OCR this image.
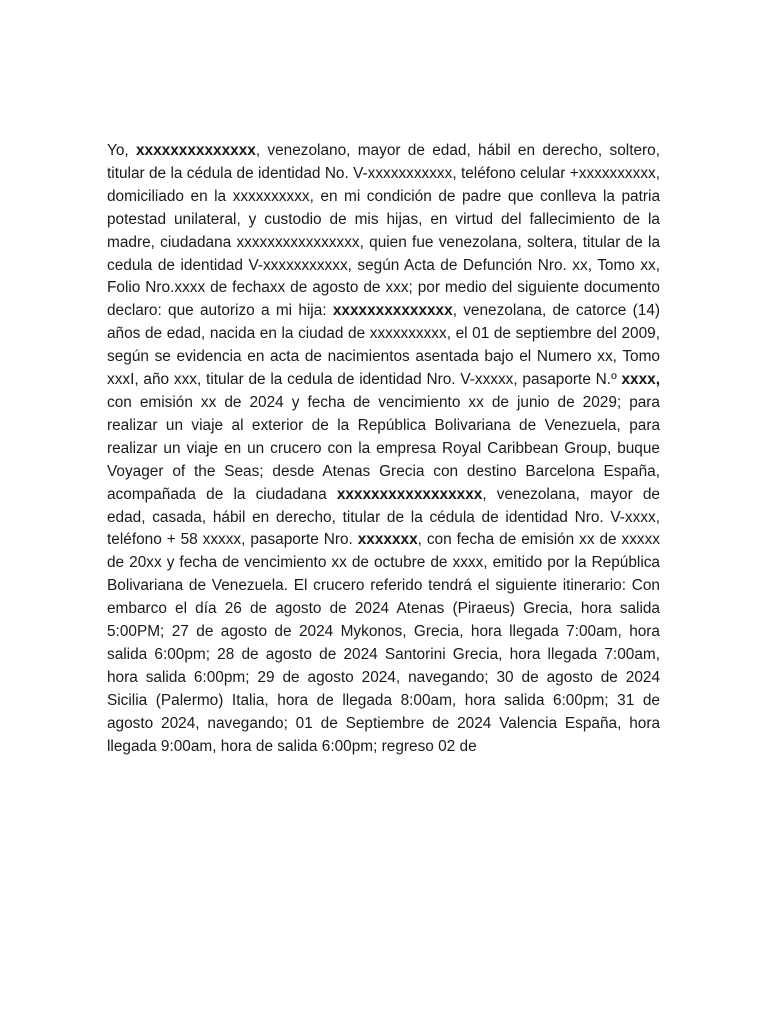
Yo, xxxxxxxxxxxxxx, venezolano, mayor de edad, hábil en derecho, soltero, titular de la cédula de identidad No. V-xxxxxxxxxxx, teléfono celular +xxxxxxxxxx, domiciliado en la xxxxxxxxxx, en mi condición de padre que conlleva la patria potestad unilateral, y custodio de mis hijas, en virtud del fallecimiento de la madre, ciudadana xxxxxxxxxxxxxxxx, quien fue venezolana, soltera, titular de la cedula de identidad V-xxxxxxxxxxx, según Acta de Defunción Nro. xx, Tomo xx, Folio Nro.xxxx de fechaxx de agosto de xxx; por medio del siguiente documento declaro: que autorizo a mi hija: xxxxxxxxxxxxxx, venezolana, de catorce (14) años de edad, nacida en la ciudad de xxxxxxxxxx, el 01 de septiembre del 2009, según se evidencia en acta de nacimientos asentada bajo el Numero xx, Tomo xxxI, año xxx, titular de la cedula de identidad Nro. V-xxxxx, pasaporte N.º xxxx, con emisión xx de 2024 y fecha de vencimiento xx de junio de 2029; para realizar un viaje al exterior de la República Bolivariana de Venezuela, para realizar un viaje en un crucero con la empresa Royal Caribbean Group, buque Voyager of the Seas; desde Atenas Grecia con destino Barcelona España, acompañada de la ciudadana xxxxxxxxxxxxxxxxx, venezolana, mayor de edad, casada, hábil en derecho, titular de la cédula de identidad Nro. V-xxxx, teléfono + 58 xxxxx, pasaporte Nro. xxxxxxx, con fecha de emisión xx de xxxxx de 20xx y fecha de vencimiento xx de octubre de xxxx, emitido por la República Bolivariana de Venezuela. El crucero referido tendrá el siguiente itinerario: Con embarco el día 26 de agosto de 2024 Atenas (Piraeus) Grecia, hora salida 5:00PM; 27 de agosto de 2024 Mykonos, Grecia, hora llegada 7:00am, hora salida 6:00pm; 28 de agosto de 2024 Santorini Grecia, hora llegada 7:00am, hora salida 6:00pm; 29 de agosto 2024, navegando; 30 de agosto de 2024 Sicilia (Palermo) Italia, hora de llegada 8:00am, hora salida 6:00pm; 31 de agosto 2024, navegando; 01 de Septiembre de 2024 Valencia España, hora llegada 9:00am, hora de salida 6:00pm; regreso 02 de
